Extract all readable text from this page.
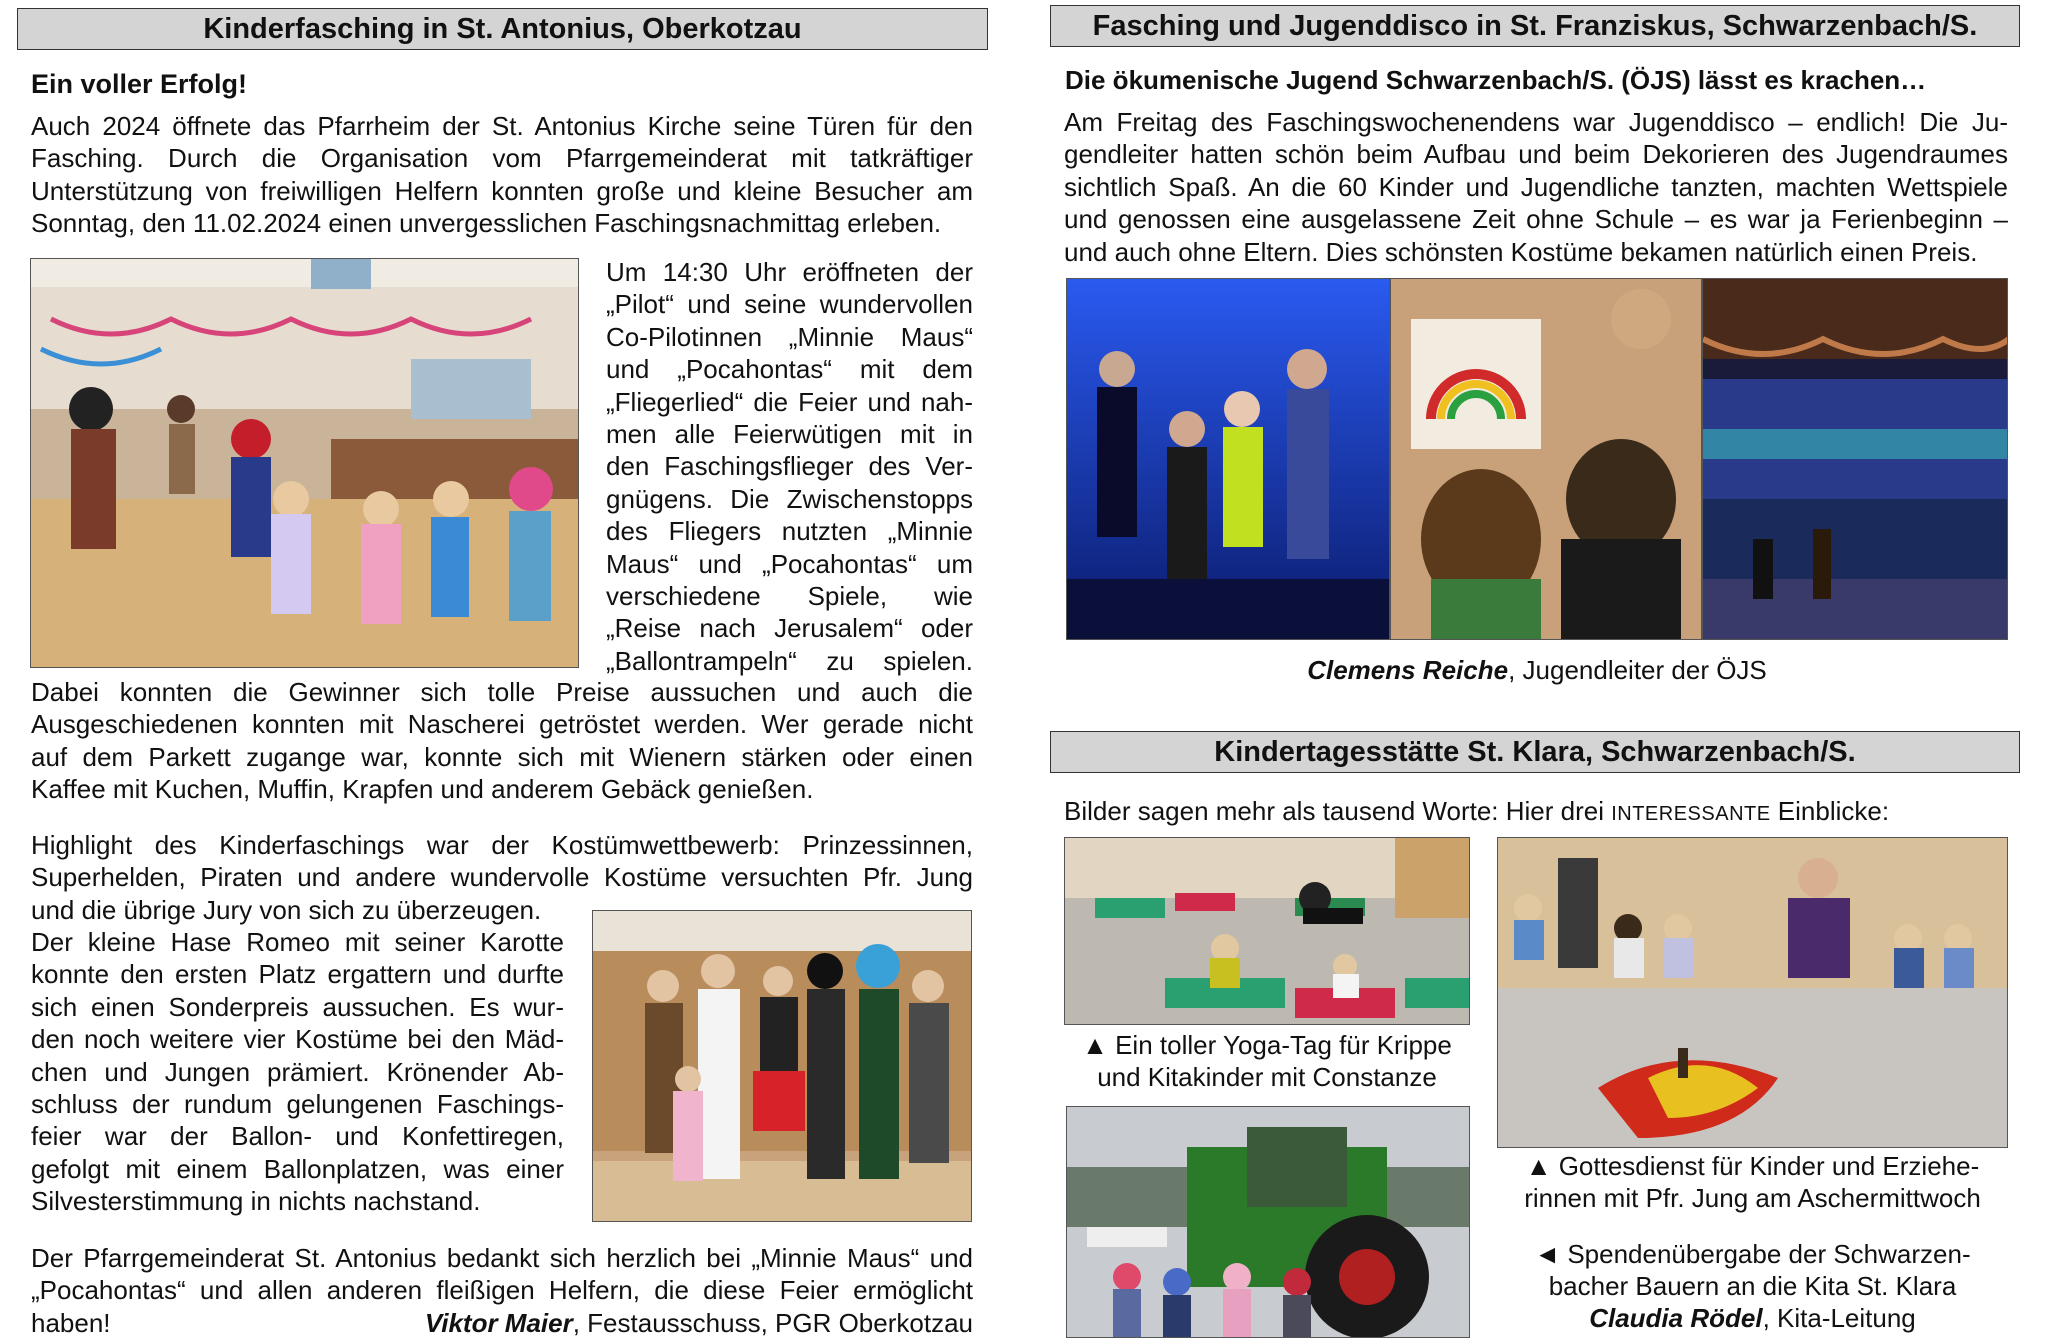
Kinderfasching in St. Antonius, Oberkotzau
Ein voller Erfolg!
Auch 2024 öffnete das Pfarrheim der St. Antonius Kirche seine Türen für den
Fasching. Durch die Organisation vom Pfarrgemeinderat mit tatkräftiger
Unterstützung von freiwilligen Helfern konnten große und kleine Besucher am
Sonntag, den 11.02.2024 einen unvergesslichen Faschingsnachmittag erleben.
Um 14:30 Uhr eröffneten der
„Pilot“ und seine wundervollen
Co-Pilotinnen „Minnie Maus“
und „Pocahontas“ mit dem
„Fliegerlied“ die Feier und nah-
men alle Feierwütigen mit in
den Faschingsflieger des Ver-
gnügens. Die Zwischenstopps
des Fliegers nutzten „Minnie
Maus“ und „Pocahontas“ um
verschiedene Spiele, wie
„Reise nach Jerusalem“ oder
„Ballontrampeln“ zu spielen.
Dabei konnten die Gewinner sich tolle Preise aussuchen und auch die
Ausgeschiedenen konnten mit Nascherei getröstet werden. Wer gerade nicht
auf dem Parkett zugange war, konnte sich mit Wienern stärken oder einen
Kaffee mit Kuchen, Muffin, Krapfen und anderem Gebäck genießen.
Highlight des Kinderfaschings war der Kostümwettbewerb: Prinzessinnen,
Superhelden, Piraten und andere wundervolle Kostüme versuchten Pfr. Jung
und die übrige Jury von sich zu überzeugen.
Der kleine Hase Romeo mit seiner Karotte
konnte den ersten Platz ergattern und durfte
sich einen Sonderpreis aussuchen. Es wur-
den noch weitere vier Kostüme bei den Mäd-
chen und Jungen prämiert. Krönender Ab-
schluss der rundum gelungenen Faschings-
feier war der Ballon- und Konfettiregen,
gefolgt mit einem Ballonplatzen, was einer
Silvesterstimmung in nichts nachstand.
Der Pfarrgemeinderat St. Antonius bedankt sich herzlich bei „Minnie Maus“ und
„Pocahontas“ und allen anderen fleißigen Helfern, die diese Feier ermöglicht
haben!	Viktor Maier, Festausschuss, PGR Oberkotzau
Fasching und Jugenddisco in St. Franziskus, Schwarzenbach/S.
Die ökumenische Jugend Schwarzenbach/S. (ÖJS) lässt es krachen…
Am Freitag des Faschingswochenendens war Jugenddisco – endlich! Die Ju-
gendleiter hatten schön beim Aufbau und beim Dekorieren des Jugendraumes
sichtlich Spaß. An die 60 Kinder und Jugendliche tanzten, machten Wettspiele
und genossen eine ausgelassene Zeit ohne Schule – es war ja Ferienbeginn –
und auch ohne Eltern. Dies schönsten Kostüme bekamen natürlich einen Preis.
Clemens Reiche, Jugendleiter der ÖJS
Kindertagesstätte St. Klara, Schwarzenbach/S.
Bilder sagen mehr als tausend Worte: Hier drei INTERESSANTE Einblicke:
▲ Ein toller Yoga-Tag für Krippe
und Kitakinder mit Constanze
▲ Gottesdienst für Kinder und Erziehe-
rinnen mit Pfr. Jung am Aschermittwoch
◄ Spendenübergabe der Schwarzen-
bacher Bauern an die Kita St. Klara
Claudia Rödel, Kita-Leitung
